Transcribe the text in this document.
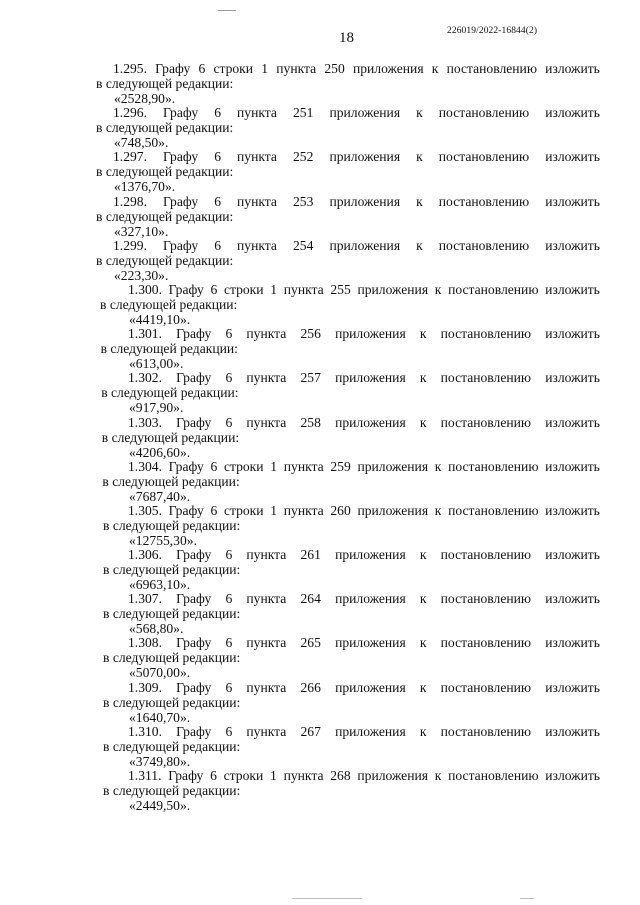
226019/2022-16844(2)
18
1.295. Графу 6 строки 1 пункта 250 приложения к постановлению изложить
в следующей редакции:
«2528,90».
1.296. Графу 6 пункта 251 приложения к постановлению изложить
в следующей редакции:
«748,50».
1.297. Графу 6 пункта 252 приложения к постановлению изложить
в следующей редакции:
«1376,70».
1.298. Графу 6 пункта 253 приложения к постановлению изложить
в следующей редакции:
«327,10».
1.299. Графу 6 пункта 254 приложения к постановлению изложить
в следующей редакции:
«223,30».
1.300. Графу 6 строки 1 пункта 255 приложения к постановлению изложить
в следующей редакции:
«4419,10».
1.301. Графу 6 пункта 256 приложения к постановлению изложить
в следующей редакции:
«613,00».
1.302. Графу 6 пункта 257 приложения к постановлению изложить
в следующей редакции:
«917,90».
1.303. Графу 6 пункта 258 приложения к постановлению изложить
в следующей редакции:
«4206,60».
1.304. Графу 6 строки 1 пункта 259 приложения к постановлению изложить
в следующей редакции:
«7687,40».
1.305. Графу 6 строки 1 пункта 260 приложения к постановлению изложить
в следующей редакции:
«12755,30».
1.306. Графу 6 пункта 261 приложения к постановлению изложить
в следующей редакции:
«6963,10».
1.307. Графу 6 пункта 264 приложения к постановлению изложить
в следующей редакции:
«568,80».
1.308. Графу 6 пункта 265 приложения к постановлению изложить
в следующей редакции:
«5070,00».
1.309. Графу 6 пункта 266 приложения к постановлению изложить
в следующей редакции:
«1640,70».
1.310. Графу 6 пункта 267 приложения к постановлению изложить
в следующей редакции:
«3749,80».
1.311. Графу 6 строки 1 пункта 268 приложения к постановлению изложить
в следующей редакции:
«2449,50».
